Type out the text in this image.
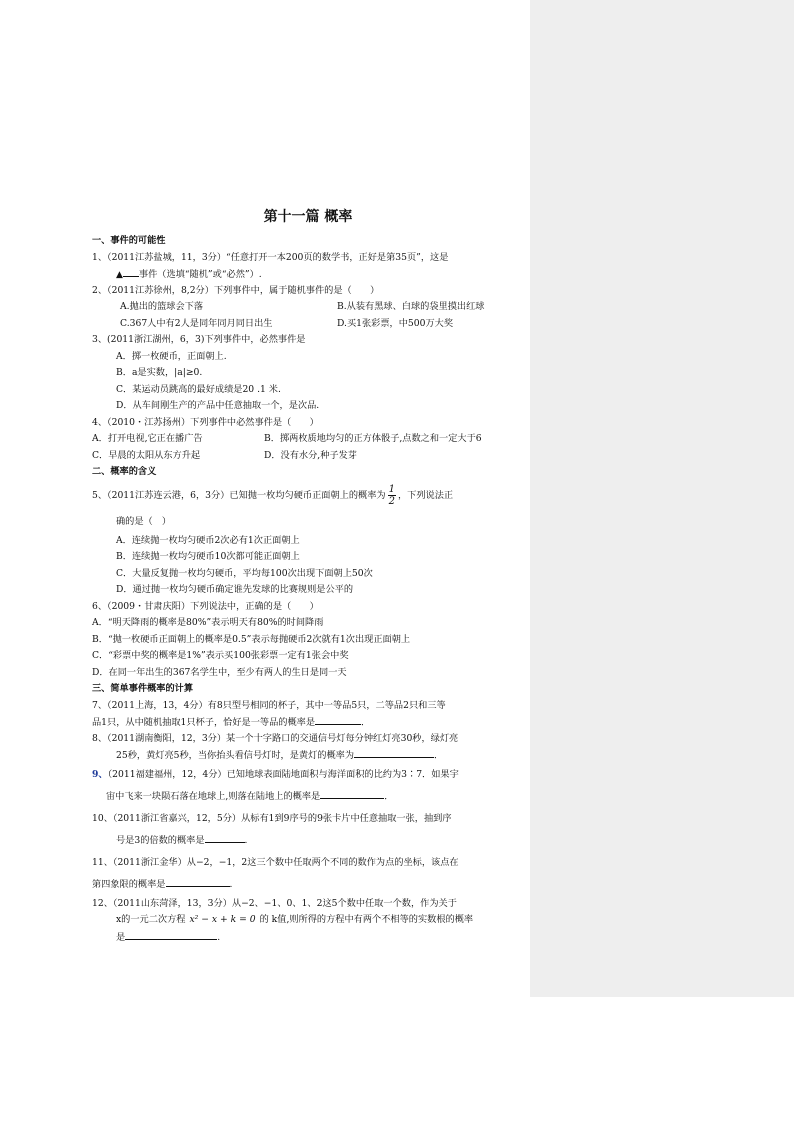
第十一篇 概率
一、事件的可能性
1、（2011江苏盐城，11，3分）“任意打开一本200页的数学书，正好是第35页”，这是
▲ 事件（选填“随机”或“必然”）.
2、（2011江苏徐州，8,2分）下列事件中，属于随机事件的是（　　）
A.抛出的篮球会下落	B.从装有黑球、白球的袋里摸出红球
C.367人中有2人是同年同月同日出生	D.买1张彩票，中500万大奖
3、(2011浙江湖州，6，3)下列事件中，必然事件是
A．掷一枚硬币，正面朝上.
B．a是实数，|a|≥0.
C．某运动员跳高的最好成绩是20 .1 米.
D．从车间刚生产的产品中任意抽取一个，是次品.
4、（2010・江苏扬州）下列事件中必然事件是（　　）
A．打开电视,它正在播广告	B．掷两枚质地均匀的正方体骰子,点数之和一定大于6
C．早晨的太阳从东方升起	D．没有水分,种子发芽
二、概率的含义
5、（2011江苏连云港，6，3分）已知抛一枚均匀硬币正面朝上的概率为 $\frac{1}{2}$ ，下列说法正
确的是（　）
A．连续抛一枚均匀硬币2次必有1次正面朝上
B．连续抛一枚均匀硬币10次都可能正面朝上
C．大量反复抛一枚均匀硬币，平均每100次出现下面朝上50次
D．通过抛一枚均匀硬币确定谁先发球的比赛规则是公平的
6、（2009・甘肃庆阳）下列说法中，正确的是（　　）
A．“明天降雨的概率是80%”表示明天有80%的时间降雨
B．“抛一枚硬币正面朝上的概率是0.5”表示每抛硬币2次就有1次出现正面朝上
C．“彩票中奖的概率是1%”表示买100张彩票一定有1张会中奖
D．在同一年出生的367名学生中，至少有两人的生日是同一天
三、简单事件概率的计算
7、（2011上海，13，4分）有8只型号相同的杯子，其中一等品5只，二等品2只和三等
品1只，从中随机抽取1只杯子，恰好是一等品的概率是	．
8、（2011湖南衡阳，12，3分）某一个十字路口的交通信号灯每分钟红灯亮30秒，绿灯亮
25秒，黄灯亮5秒，当你抬头看信号灯时，是黄灯的概率为	．
9、（2011福建福州，12，4分）已知地球表面陆地面积与海洋面积的比约为3∶7．如果宇
宙中飞来一块陨石落在地球上,则落在陆地上的概率是	．
10、（2011浙江省嘉兴，12，5分）从标有1到9序号的9张卡片中任意抽取一张，抽到序
号是3的倍数的概率是	.
11、（2011浙江金华）从−2，−1，2这三个数中任取两个不同的数作为点的坐标，该点在
第四象限的概率是	.
12、（2011山东菏泽，13，3分）从−2、−1、0、1、2这5个数中任取一个数，作为关于
x的一元二次方程 x² − x + k = 0 的 k值,则所得的方程中有两个不相等的实数根的概率
是	.
